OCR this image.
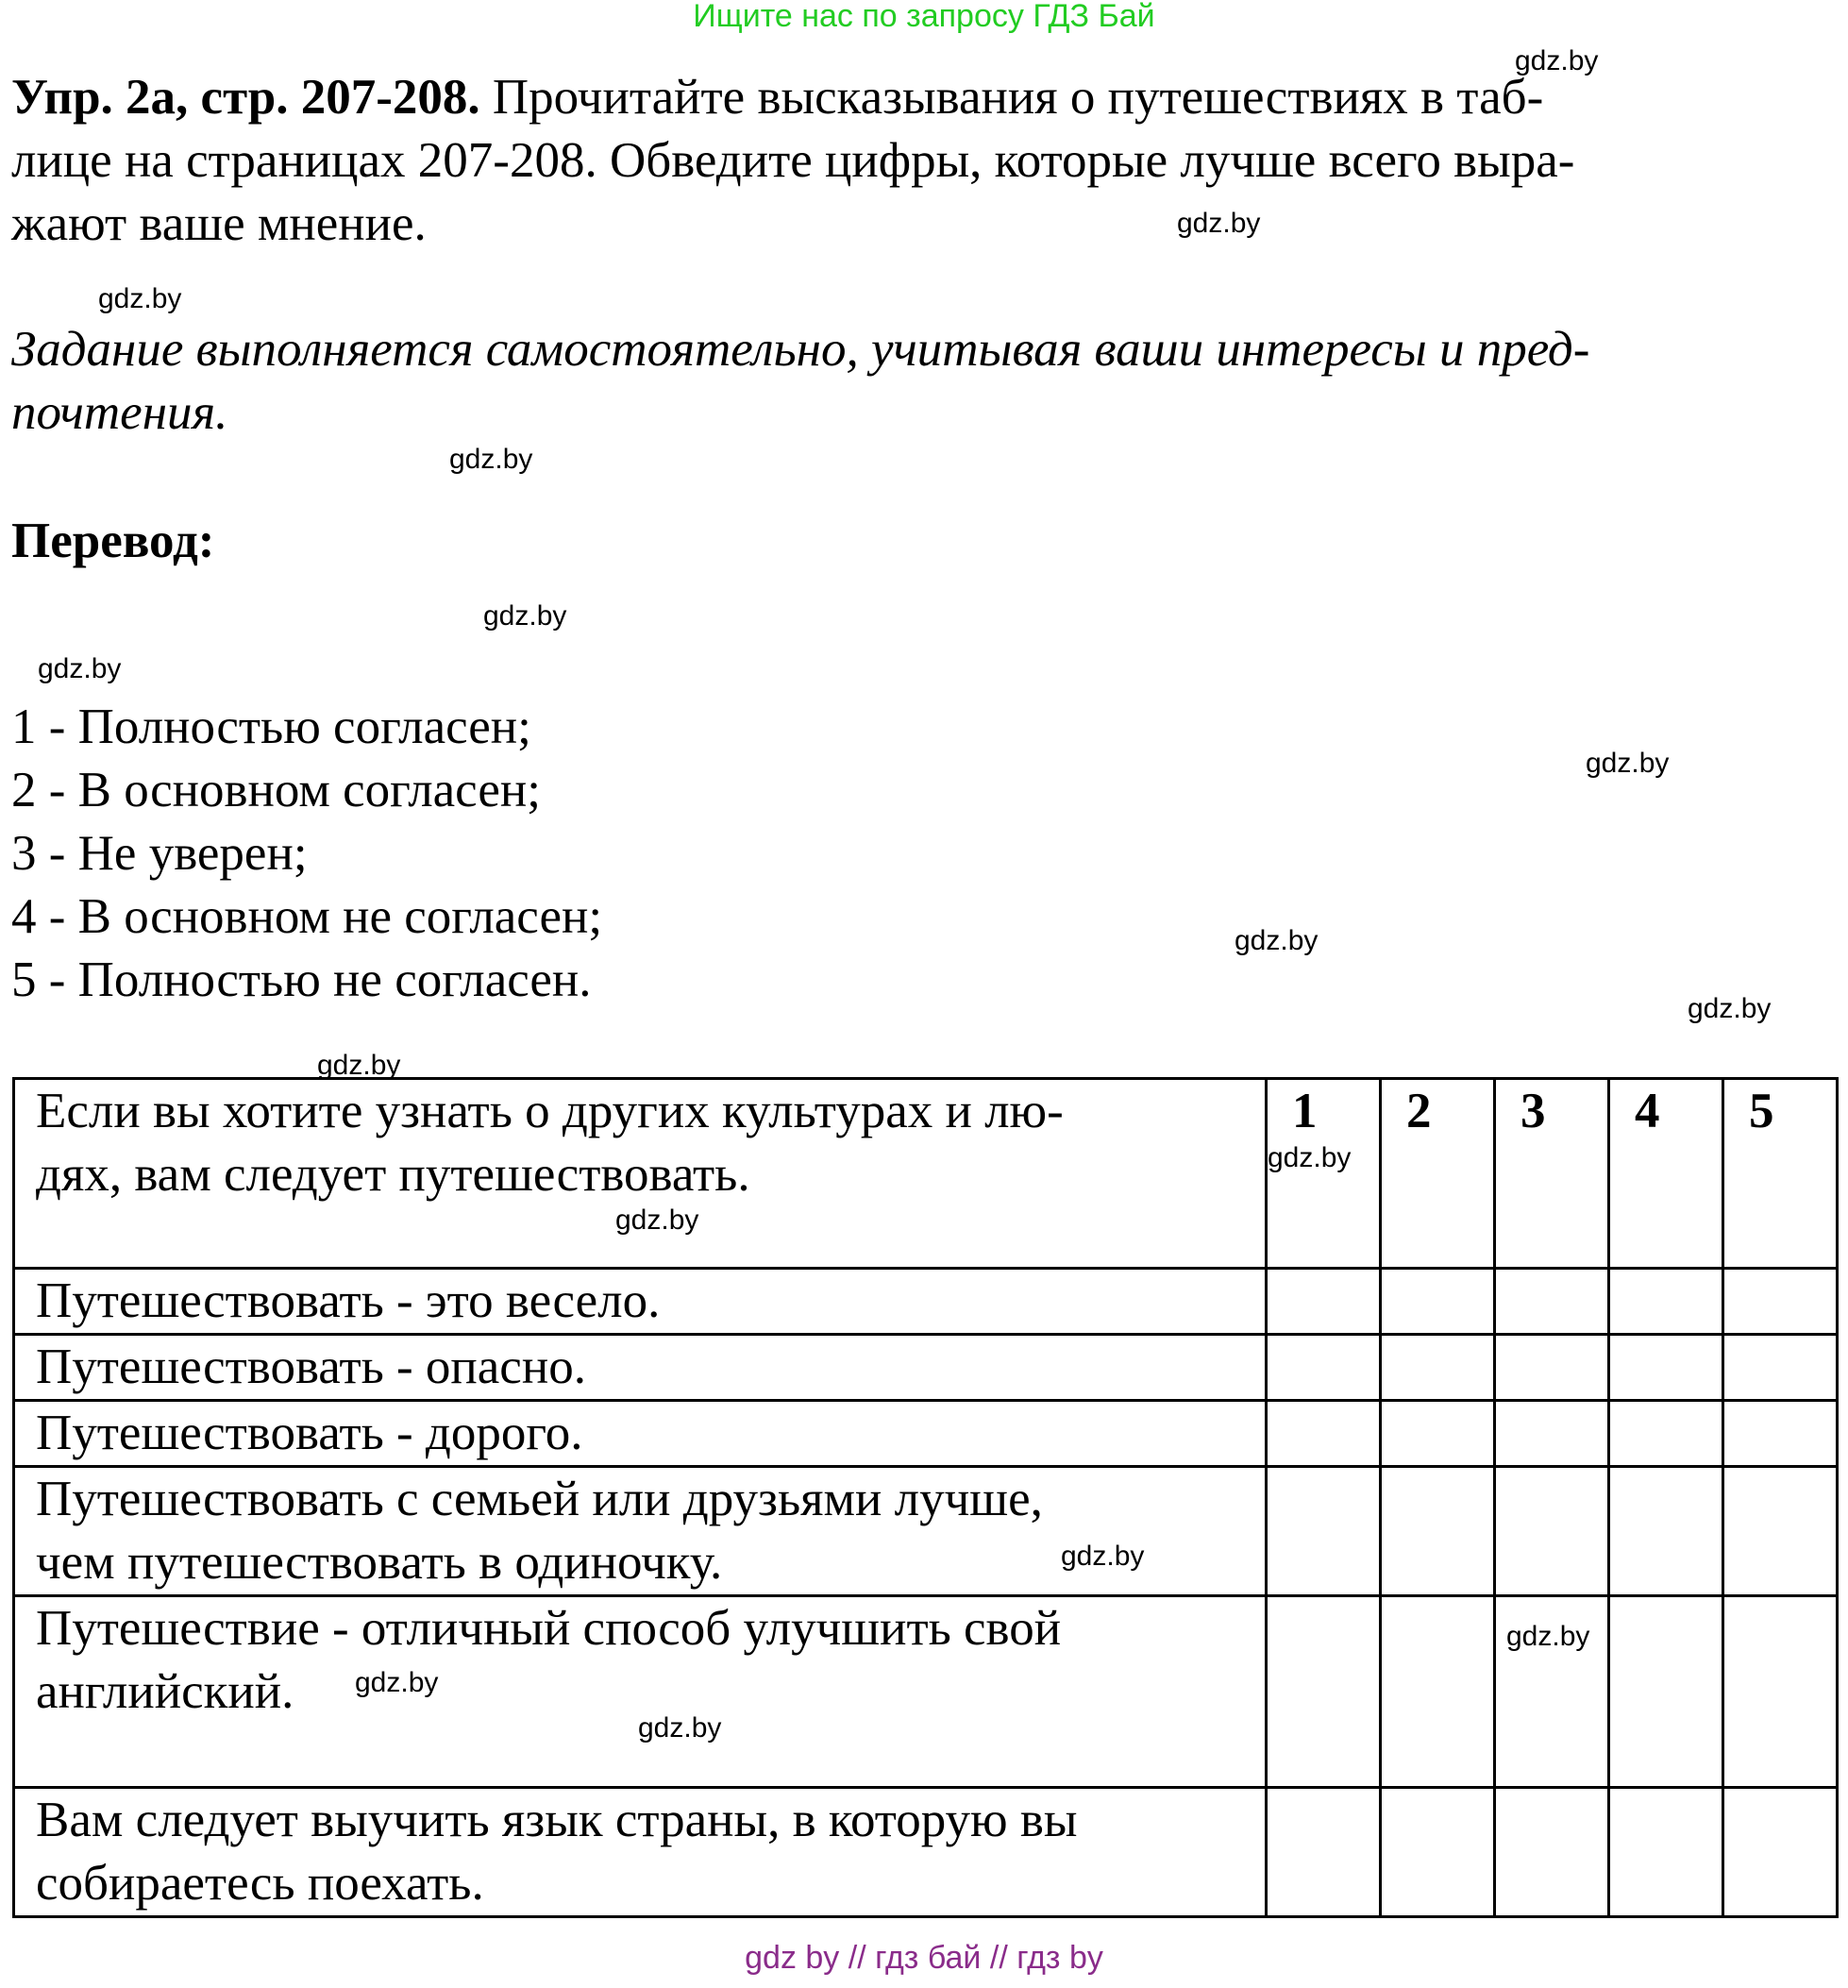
Ищите нас по запросу ГДЗ Бай
Упр. 2а, стр. 207-208. Прочитайте высказывания о путешествиях в таб-
лице на страницах 207-208. Обведите цифры, которые лучше всего выра-
жают ваше мнение.
Задание выполняется самостоятельно, учитывая ваши интересы и пред-
почтения.
Перевод:
1 - Полностью согласен;
2 - В основном согласен;
3 - Не уверен;
4 - В основном не согласен;
5 - Полностью не согласен.
Если вы хотите узнать о других культурах и лю-
дях, вам следует путешествовать.	1	2	3	4	5

Путешествовать - это весело.					

Путешествовать - опасно.					

Путешествовать - дорого.					

Путешествовать с семьей или друзьями лучше,
чем путешествовать в одиночку.					

Путешествие - отличный способ улучшить свой
английский.					

Вам следует выучить язык страны, в которую вы
собираетесь поехать.					

gdz.by
gdz.by
gdz.by
gdz.by
gdz.by
gdz.by
gdz.by
gdz.by
gdz.by
gdz.by
gdz.by
gdz.by
gdz.by
gdz.by
gdz.by
gdz.by
gdz by // гдз бай // гдз by
